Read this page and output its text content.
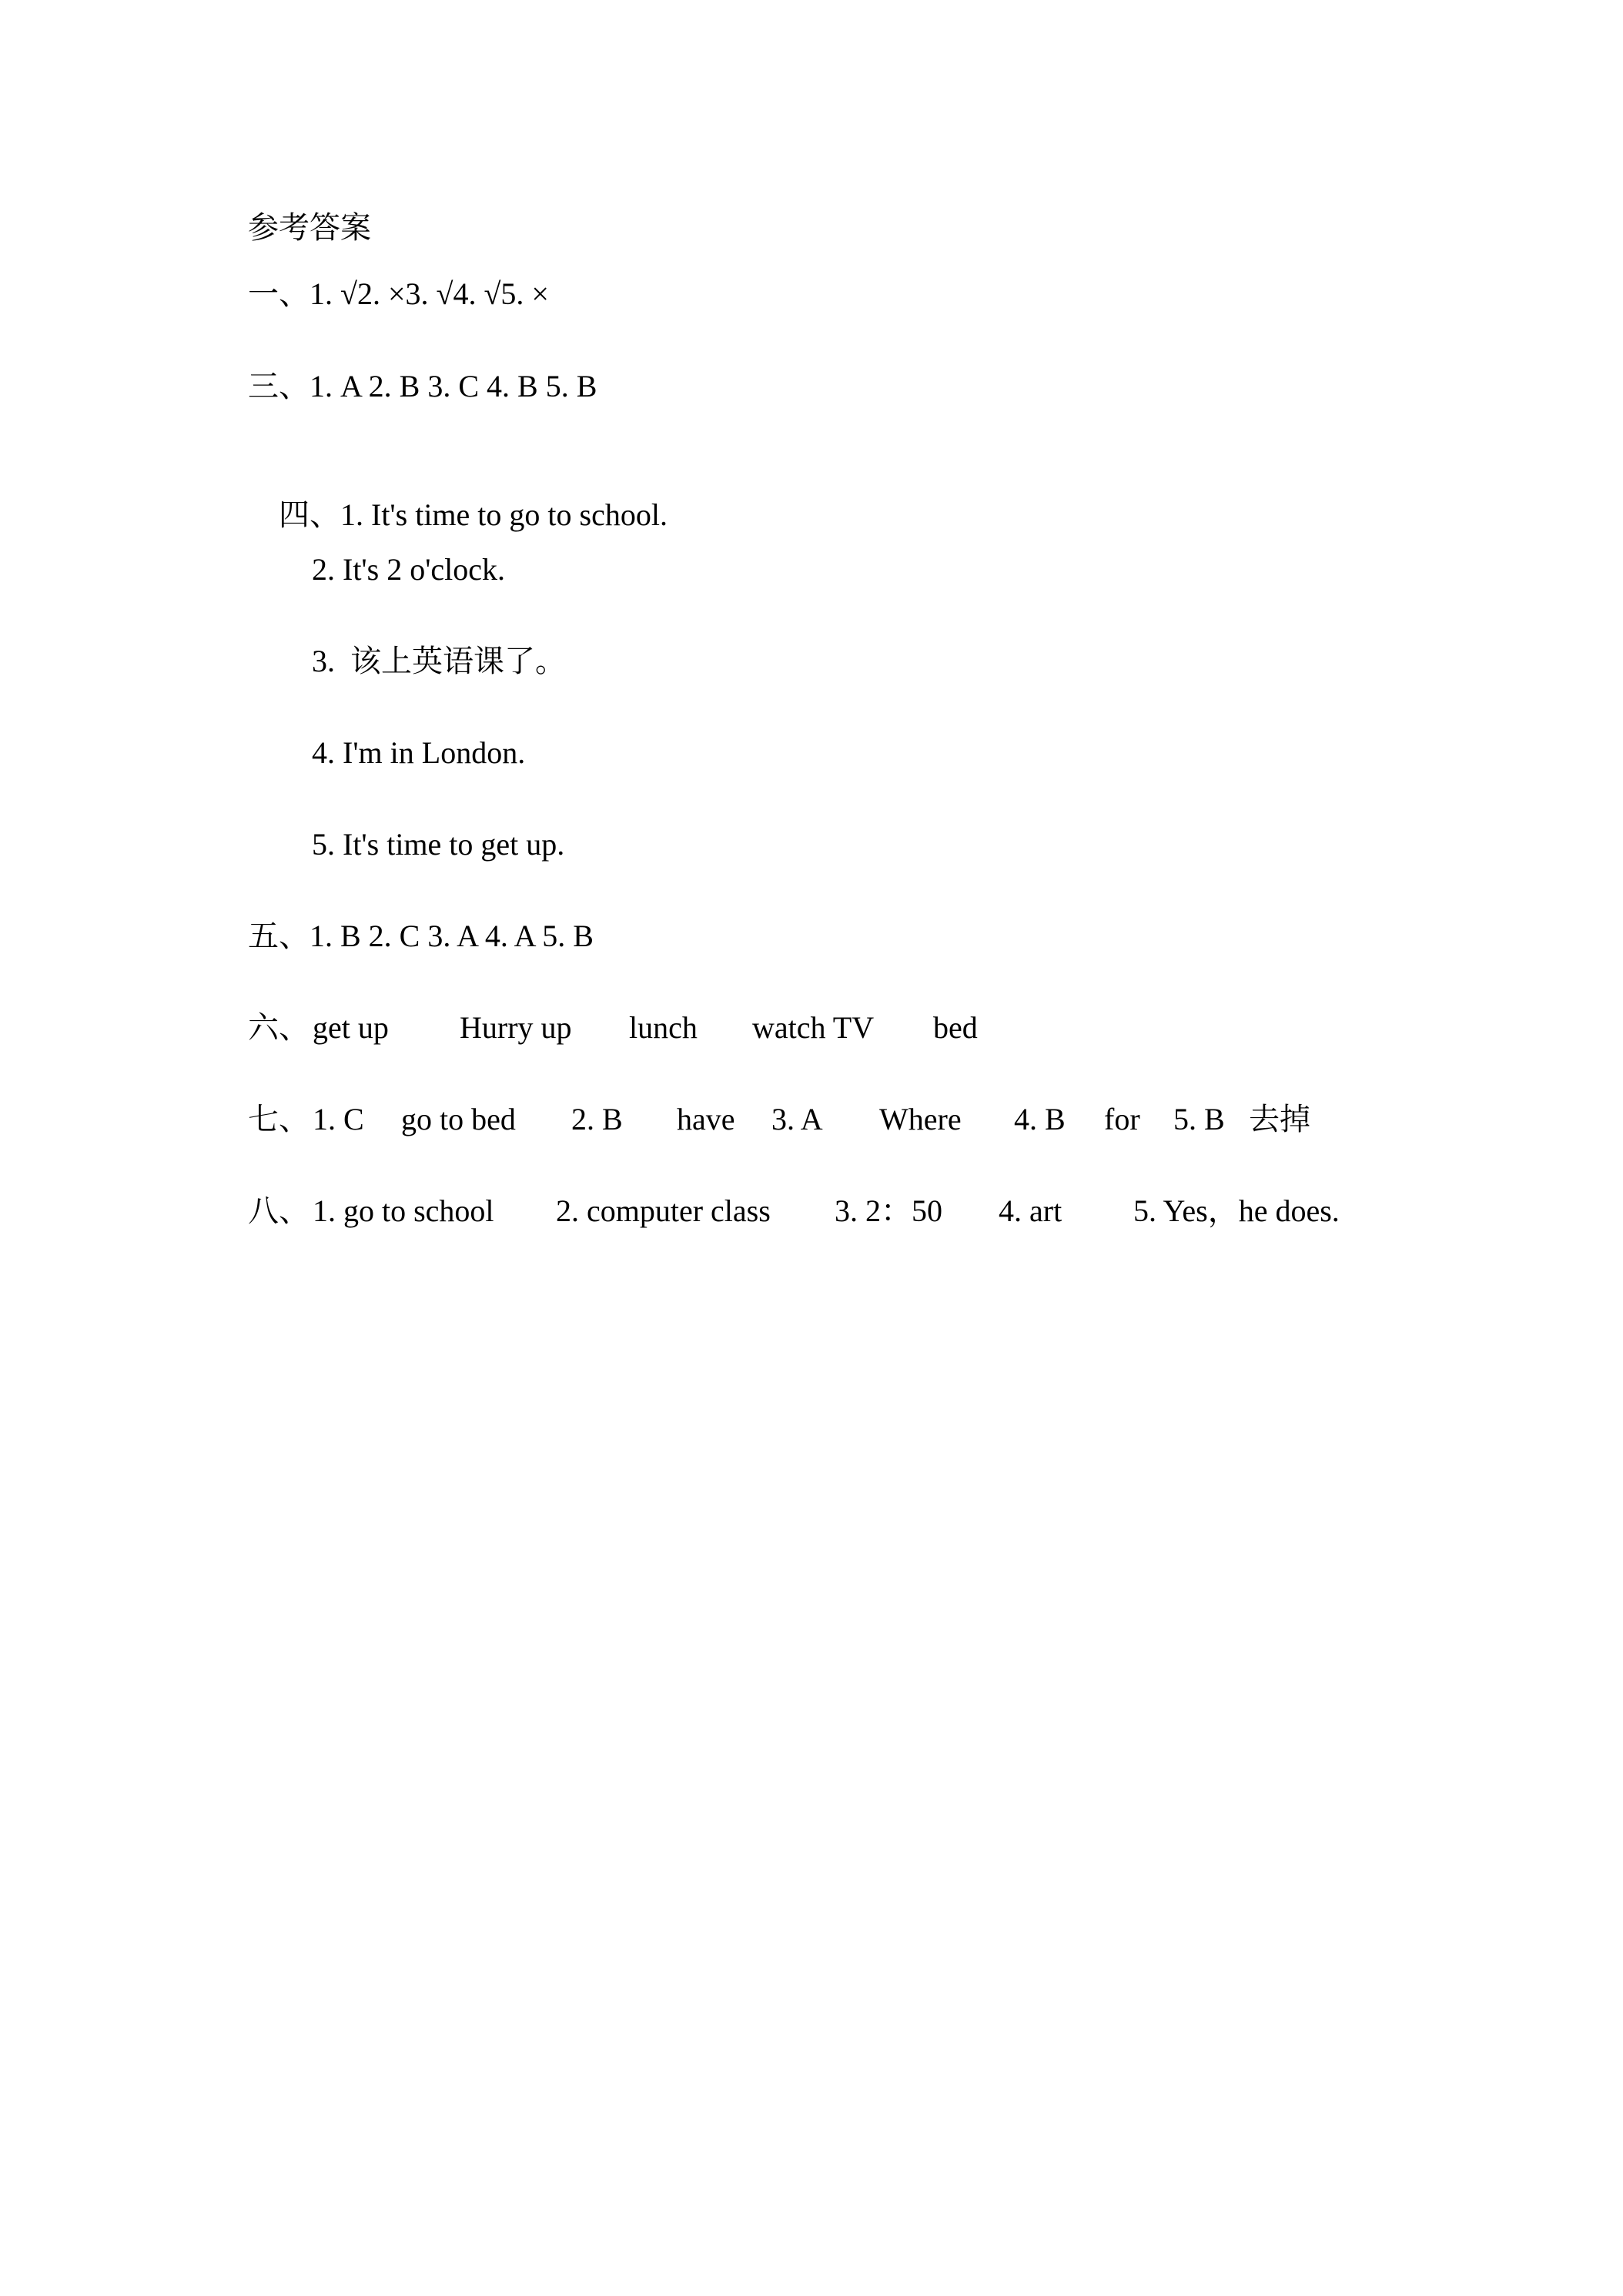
参考答案
一、1. √2. ×3. √4. √5. ×
三、1. A 2. B 3. C 4. B 5. B

四、1. It's time to go to school.

2. It's 2 o'clock.
3.  该上英语课了。
4. I'm in London.
5. It's time to get up.
五、1. B 2. C 3. A 4. A 5. B

六、

get up

Hurry up

lunch

watch TV

bed

七、

1. C

go to bed

2. B

have

3. A

Where

4. B

for

5. B

去掉

八、

1. go to school

2. computer class

3. 2：50

4. art

5. Yes，he does.
